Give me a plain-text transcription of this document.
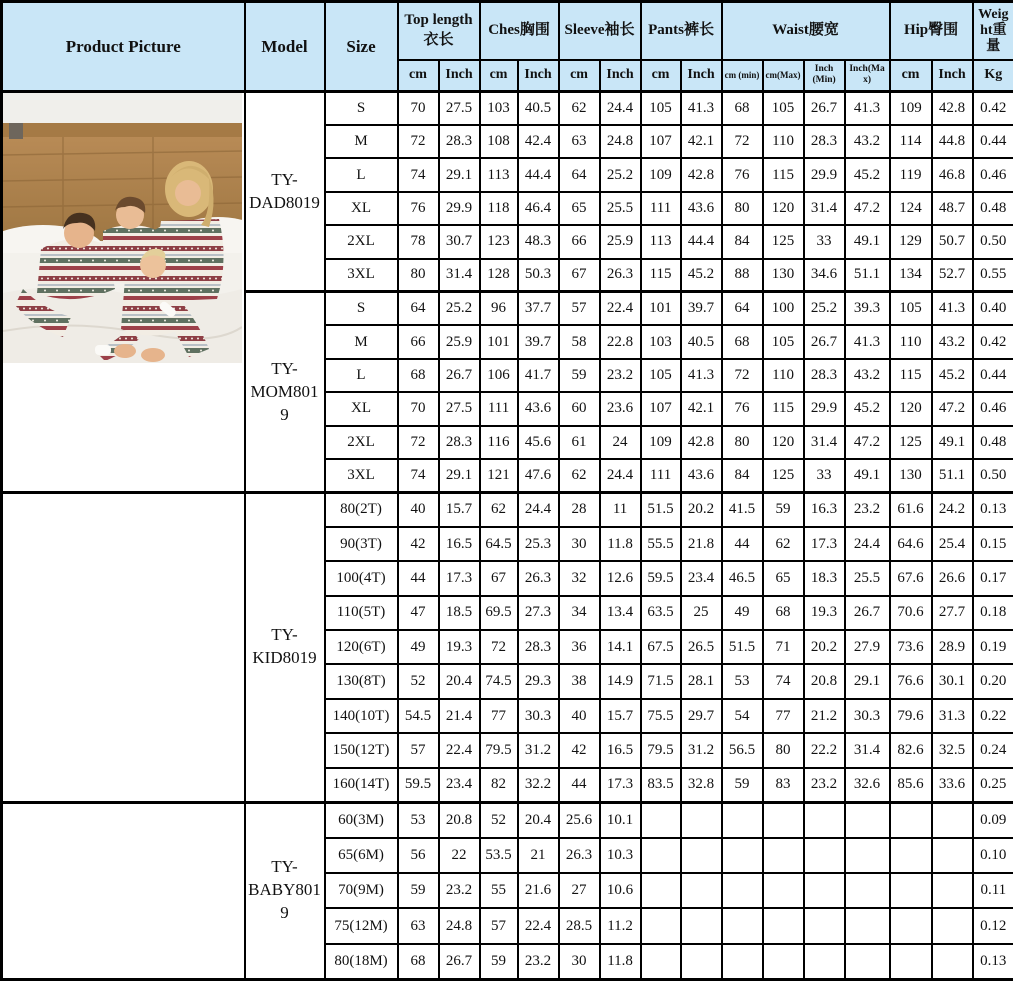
Product Picture	Model	Size	Top length 衣长		Ches胸围		Sleeve袖长		Pants裤长		Waist腰宽				Hip臀围		Weight重量
			cm	Inch	cm	Inch	cm	Inch	cm	Inch	cm (min)	cm(Max)	Inch (Min)	Inch(Max)	cm	Inch	Kg

	TY-DAD8019	S	70	27.5	103	40.5	62	24.4	105	41.3	68	105	26.7	41.3	109	42.8	0.42
		M	72	28.3	108	42.4	63	24.8	107	42.1	72	110	28.3	43.2	114	44.8	0.44
		L	74	29.1	113	44.4	64	25.2	109	42.8	76	115	29.9	45.2	119	46.8	0.46
		XL	76	29.9	118	46.4	65	25.5	111	43.6	80	120	31.4	47.2	124	48.7	0.48
		2XL	78	30.7	123	48.3	66	25.9	113	44.4	84	125	33	49.1	129	50.7	0.50
		3XL	80	31.4	128	50.3	67	26.3	115	45.2	88	130	34.6	51.1	134	52.7	0.55
	TY-MOM8019	S	64	25.2	96	37.7	57	22.4	101	39.7	64	100	25.2	39.3	105	41.3	0.40
		M	66	25.9	101	39.7	58	22.8	103	40.5	68	105	26.7	41.3	110	43.2	0.42
		L	68	26.7	106	41.7	59	23.2	105	41.3	72	110	28.3	43.2	115	45.2	0.44
		XL	70	27.5	111	43.6	60	23.6	107	42.1	76	115	29.9	45.2	120	47.2	0.46
		2XL	72	28.3	116	45.6	61	24	109	42.8	80	120	31.4	47.2	125	49.1	0.48
		3XL	74	29.1	121	47.6	62	24.4	111	43.6	84	125	33	49.1	130	51.1	0.50
	TY-KID8019	80(2T)	40	15.7	62	24.4	28	11	51.5	20.2	41.5	59	16.3	23.2	61.6	24.2	0.13
		90(3T)	42	16.5	64.5	25.3	30	11.8	55.5	21.8	44	62	17.3	24.4	64.6	25.4	0.15
		100(4T)	44	17.3	67	26.3	32	12.6	59.5	23.4	46.5	65	18.3	25.5	67.6	26.6	0.17
		110(5T)	47	18.5	69.5	27.3	34	13.4	63.5	25	49	68	19.3	26.7	70.6	27.7	0.18
		120(6T)	49	19.3	72	28.3	36	14.1	67.5	26.5	51.5	71	20.2	27.9	73.6	28.9	0.19
		130(8T)	52	20.4	74.5	29.3	38	14.9	71.5	28.1	53	74	20.8	29.1	76.6	30.1	0.20
		140(10T)	54.5	21.4	77	30.3	40	15.7	75.5	29.7	54	77	21.2	30.3	79.6	31.3	0.22
		150(12T)	57	22.4	79.5	31.2	42	16.5	79.5	31.2	56.5	80	22.2	31.4	82.6	32.5	0.24
		160(14T)	59.5	23.4	82	32.2	44	17.3	83.5	32.8	59	83	23.2	32.6	85.6	33.6	0.25
	TY-BABY8019	60(3M)	53	20.8	52	20.4	25.6	10.1									0.09
		65(6M)	56	22	53.5	21	26.3	10.3									0.10
		70(9M)	59	23.2	55	21.6	27	10.6									0.11
		75(12M)	63	24.8	57	22.4	28.5	11.2									0.12
		80(18M)	68	26.7	59	23.2	30	11.8									0.13
